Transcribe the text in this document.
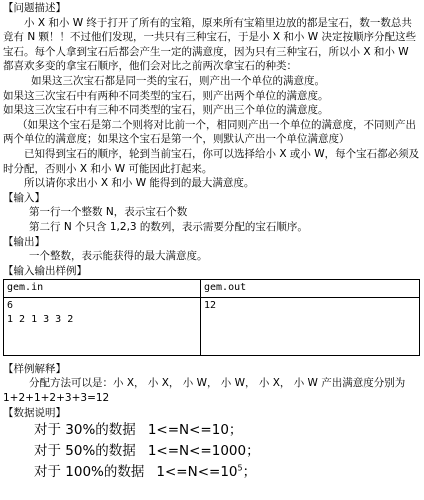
【问题描述】

小 X 和小 W 终于打开了所有的宝箱，原来所有宝箱里边放的都是宝石，数一数总共竟有 N 颗！！不过他们发现，一共只有三种宝石，于是小 X 和小 W 决定按顺序分配这些宝石。每个人拿到宝石后都会产生一定的满意度，因为只有三种宝石，所以小 X 和小 W 都喜欢多变的拿宝石顺序，他们会对比之前两次拿宝石的种类：

如果这三次宝石都是同一类的宝石，则产出一个单位的满意度。

如果这三次宝石中有两种不同类型的宝石，则产出两个单位的满意度。

如果这三次宝石中有三种不同类型的宝石，则产出三个单位的满意度。

（如果这个宝石是第二个则将对比前一个，相同则产出一个单位的满意度，不同则产出两个单位的满意度；如果这个宝石是第一个，则默认产出一个单位满意度）

已知得到宝石的顺序，轮到当前宝石，你可以选择给小 X 或小 W，每个宝石都必须及时分配，否则小 X 和小 W 可能因此打起来。

所以请你求出小 X 和小 W 能得到的最大满意度。

【输入】

第一行一个整数 N，表示宝石个数

第二行 N 个只含 1,2,3 的数列，表示需要分配的宝石顺序。

【输出】

一个整数，表示能获得的最大满意度。

【输入输出样例】
gem.in	gem.out

6
1 2 1 3 3 2	12
【样例解释】

分配方法可以是：小 X， 小 X， 小 W， 小 W， 小 X， 小 W 产出满意度分别为

1+2+1+2+3+3=12

【数据说明】
对于 30%的数据 1<=N<=10；
对于 50%的数据 1<=N<=1000；
对于 100%的数据 $1<=N<=10^5$；
